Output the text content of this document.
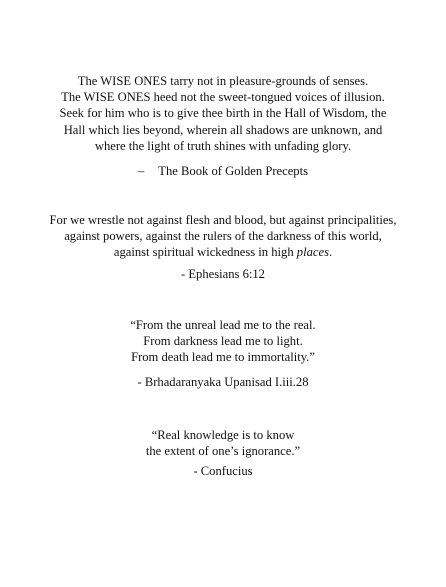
The WISE ONES tarry not in pleasure-grounds of senses.
The WISE ONES heed not the sweet-tongued voices of illusion.
Seek for him who is to give thee birth in the Hall of Wisdom, the
Hall which lies beyond, wherein all shadows are unknown, and
where the light of truth shines with unfading glory.
– The Book of Golden Precepts
For we wrestle not against flesh and blood, but against principalities,
against powers, against the rulers of the darkness of this world,
against spiritual wickedness in high places.
- Ephesians 6:12
“From the unreal lead me to the real.
From darkness lead me to light.
From death lead me to immortality.”
- Brhadaranyaka Upanisad I.iii.28
“Real knowledge is to know
the extent of one’s ignorance.”
- Confucius
